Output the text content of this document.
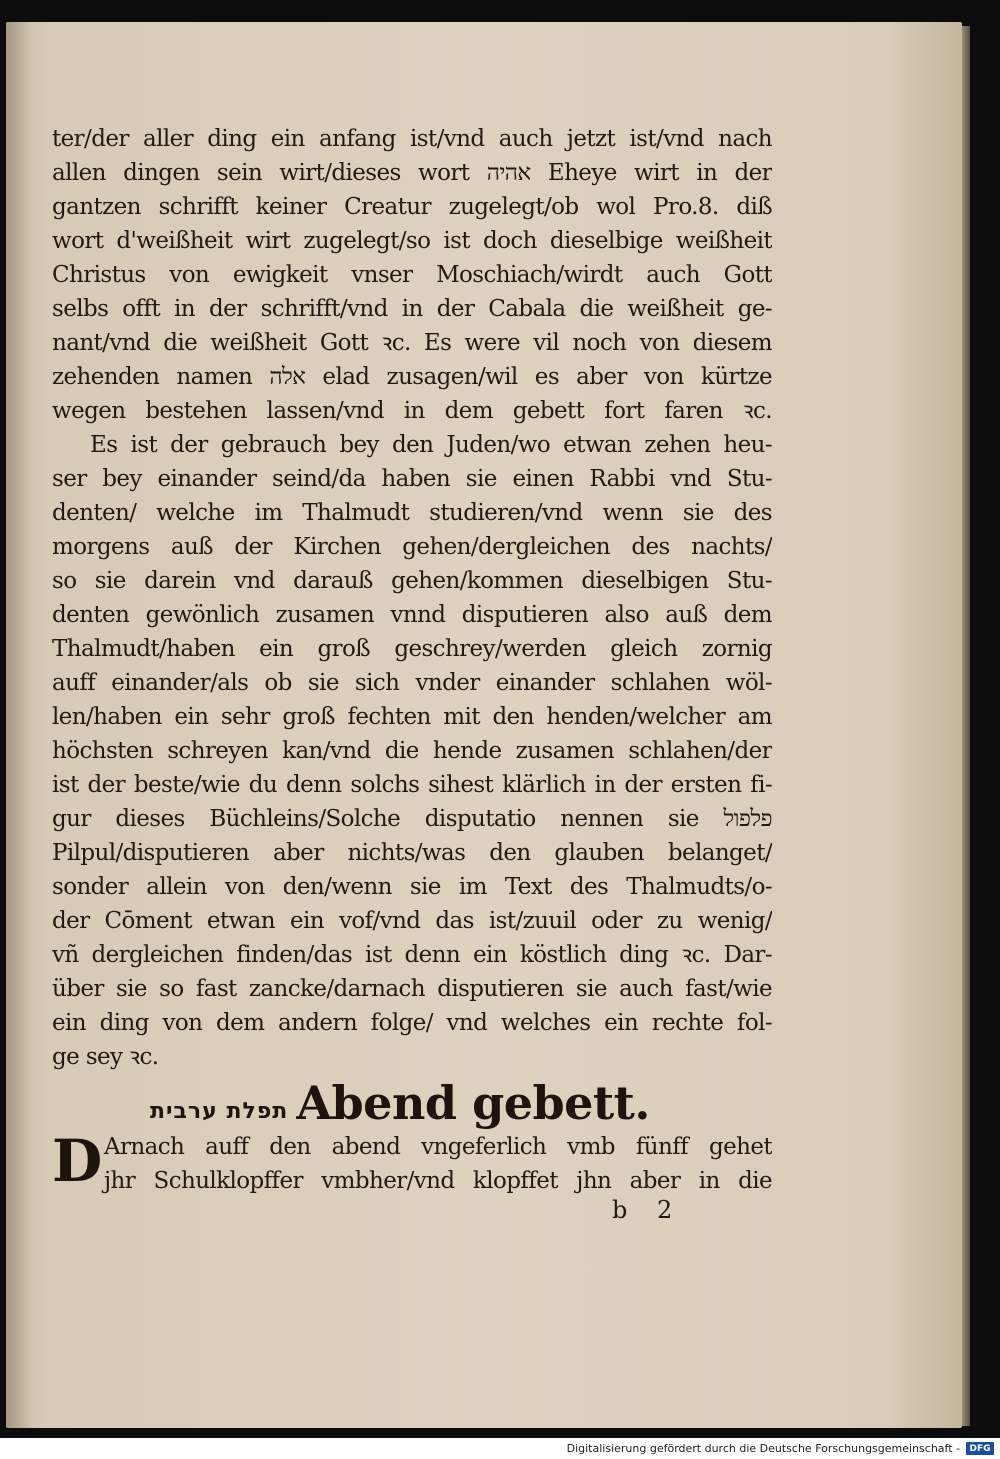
ter/der aller ding ein anfang ist/vnd auch jetzt ist/vnd nach
allen dingen sein wirt/dieses wort אהיה Eheye wirt in der
gantzen schrifft keiner Creatur zugelegt/ob wol Pro.8. diß
wort d'weißheit wirt zugelegt/so ist doch dieselbige weißheit
Christus von ewigkeit vnser Moschiach/wirdt auch Gott
selbs offt in der schrifft/vnd in der Cabala die weißheit ge-
nant/vnd die weißheit Gott ꝛc. Es were vil noch von diesem
zehenden namen אלה elad zusagen/wil es aber von kürtze
wegen bestehen lassen/vnd in dem gebett fort faren ꝛc.
Es ist der gebrauch bey den Juden/wo etwan zehen heu-
ser bey einander seind/da haben sie einen Rabbi vnd Stu-
denten/ welche im Thalmudt studieren/vnd wenn sie des
morgens auß der Kirchen gehen/dergleichen des nachts/
so sie darein vnd darauß gehen/kommen dieselbigen Stu-
denten gewönlich zusamen vnnd disputieren also auß dem
Thalmudt/haben ein groß geschrey/werden gleich zornig
auff einander/als ob sie sich vnder einander schlahen wöl-
len/haben ein sehr groß fechten mit den henden/welcher am
höchsten schreyen kan/vnd die hende zusamen schlahen/der
ist der beste/wie du denn solchs sihest klärlich in der ersten fi-
gur dieses Büchleins/Solche disputatio nennen sie פלפול
Pilpul/disputieren aber nichts/was den glauben belanget/
sonder allein von den/wenn sie im Text des Thalmudts/o-
der Cōment etwan ein vof/vnd das ist/zuuil oder zu wenig/
vñ dergleichen finden/das ist denn ein köstlich ding ꝛc. Dar-
über sie so fast zancke/darnach disputieren sie auch fast/wie
ein ding von dem andern folge/ vnd welches ein rechte fol-
ge sey ꝛc.
תפלת ערבית Abend gebett.
D Arnach auff den abend vngeferlich vmb fünff gehet
jhr Schulklopffer vmbher/vnd klopffet jhn aber in die
b 2
Digitalisierung gefördert durch die Deutsche Forschungsgemeinschaft -	DFG
